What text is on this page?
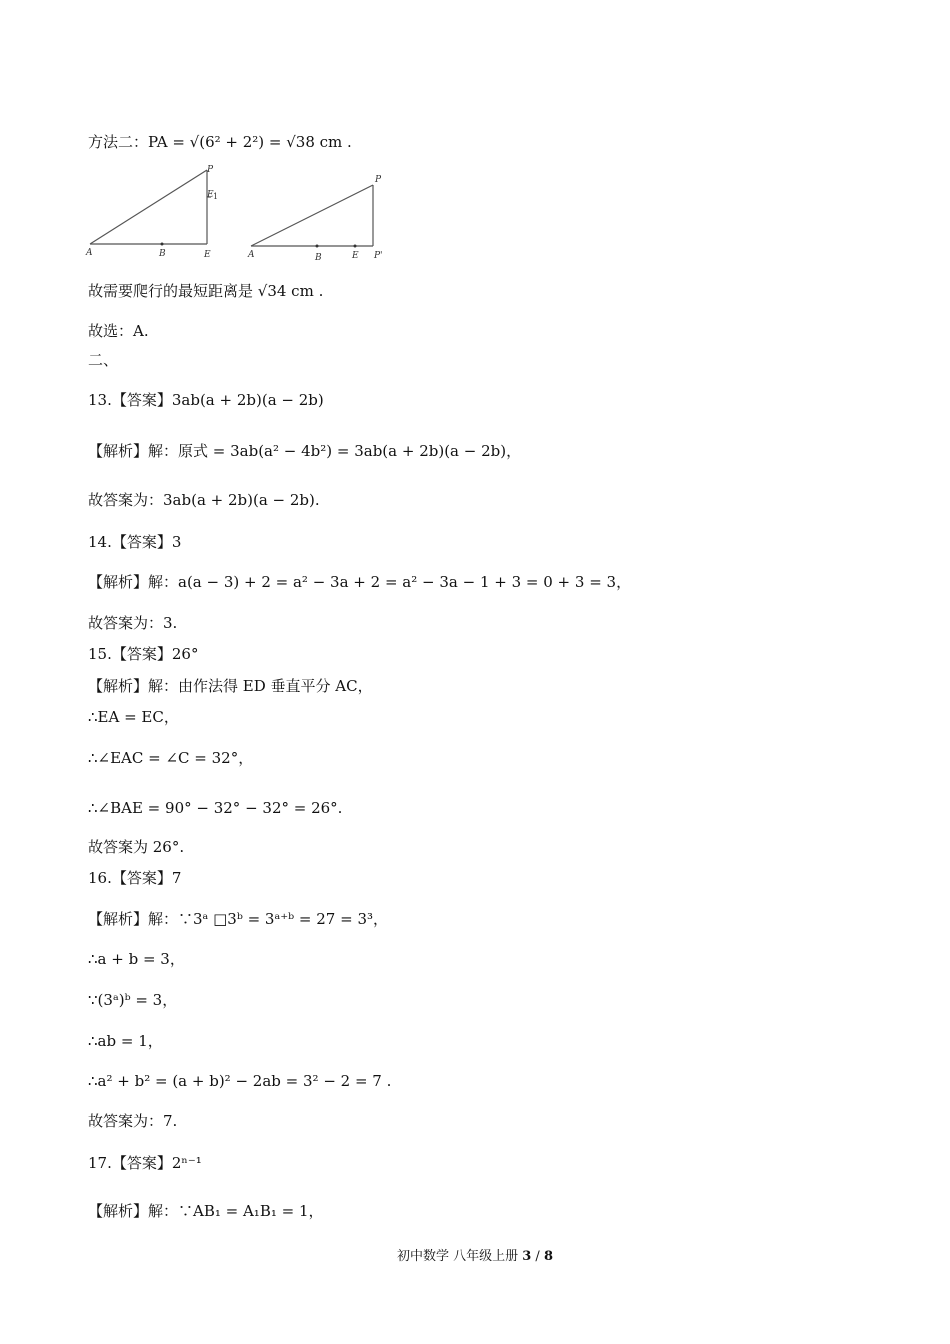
方法二：PA = √(6² + 2²) = √38 cm .
A	B	E
P
E 1
A	B	E
P
P'
故需要爬行的最短距离是 √34 cm .
故选：A.
二、
13.【答案】3ab(a + 2b)(a − 2b)
【解析】解：原式 = 3ab(a² − 4b²) = 3ab(a + 2b)(a − 2b)，
故答案为：3ab(a + 2b)(a − 2b).
14.【答案】3
【解析】解：a(a − 3) + 2 = a² − 3a + 2 = a² − 3a − 1 + 3 = 0 + 3 = 3，
故答案为：3.
15.【答案】26°
【解析】解：由作法得 ED 垂直平分 AC，
∴EA = EC，
∴∠EAC = ∠C = 32°，
∴∠BAE = 90° − 32° − 32° = 26°.
故答案为 26°.
16.【答案】7
【解析】解：∵3ᵃ □3ᵇ = 3ᵃ⁺ᵇ = 27 = 3³，
∴a + b = 3，
∵(3ᵃ)ᵇ = 3，
∴ab = 1，
∴a² + b² = (a + b)² − 2ab = 3² − 2 = 7 .
故答案为：7.
17.【答案】2ⁿ⁻¹
【解析】解：∵AB₁ = A₁B₁ = 1，
初中数学 八年级上册 3 / 8
